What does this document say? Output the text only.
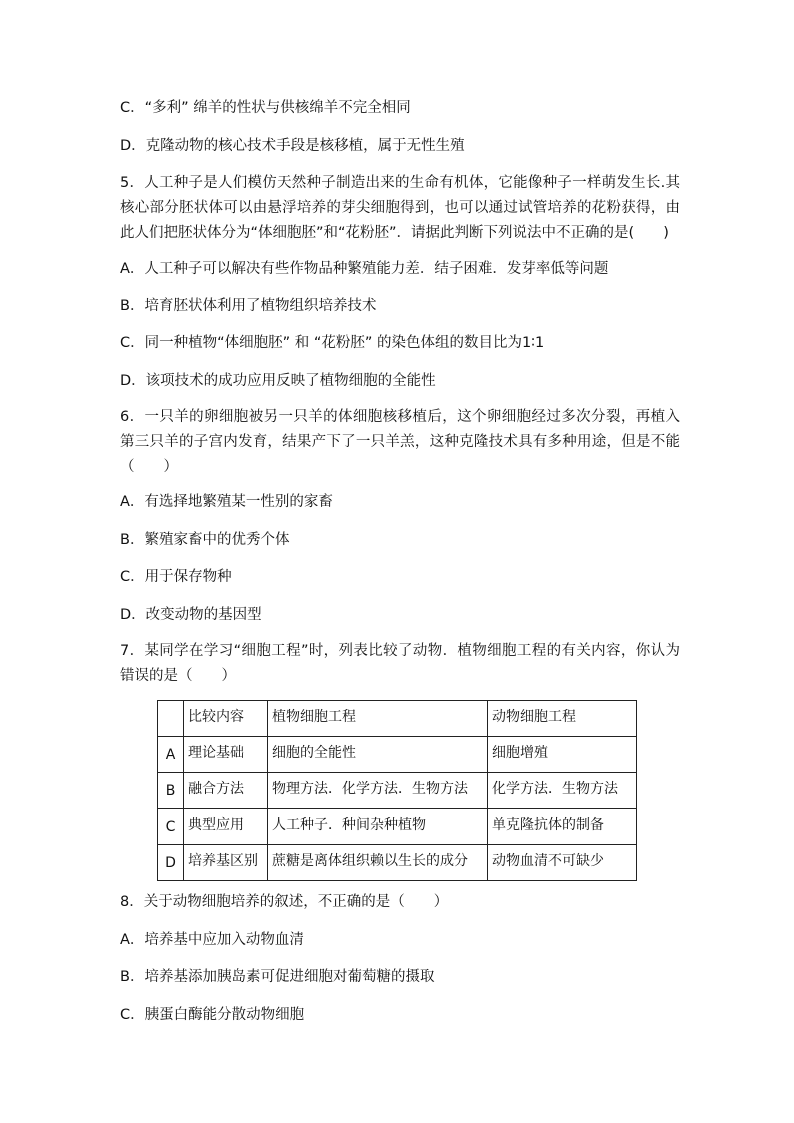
C．“多利” 绵羊的性状与供核绵羊不完全相同
D．克隆动物的核心技术手段是核移植，属于无性生殖
5．人工种子是人们模仿天然种子制造出来的生命有机体，它能像种子一样萌发生长.其核心部分胚状体可以由悬浮培养的芽尖细胞得到，也可以通过试管培养的花粉获得，由此人们把胚状体分为“体细胞胚”和“花粉胚”．请据此判断下列说法中不正确的是(　　)
A．人工种子可以解决有些作物品种繁殖能力差．结子困难．发芽率低等问题
B．培育胚状体利用了植物组织培养技术
C．同一种植物“体细胞胚” 和 “花粉胚” 的染色体组的数目比为1∶1
D．该项技术的成功应用反映了植物细胞的全能性
6．一只羊的卵细胞被另一只羊的体细胞核移植后，这个卵细胞经过多次分裂，再植入第三只羊的子宫内发育，结果产下了一只羊羔，这种克隆技术具有多种用途，但是不能（　　）
A．有选择地繁殖某一性别的家畜
B．繁殖家畜中的优秀个体
C．用于保存物种
D．改变动物的基因型
7．某同学在学习“细胞工程”时，列表比较了动物．植物细胞工程的有关内容，你认为错误的是（　　）
	比较内容	植物细胞工程	动物细胞工程
A	理论基础	细胞的全能性	细胞增殖
B	融合方法	物理方法．化学方法．生物方法	化学方法．生物方法
C	典型应用	人工种子．种间杂种植物	单克隆抗体的制备
D	培养基区别	蔗糖是离体组织赖以生长的成分	动物血清不可缺少
8．关于动物细胞培养的叙述，不正确的是（　　）
A．培养基中应加入动物血清
B．培养基添加胰岛素可促进细胞对葡萄糖的摄取
C．胰蛋白酶能分散动物细胞
